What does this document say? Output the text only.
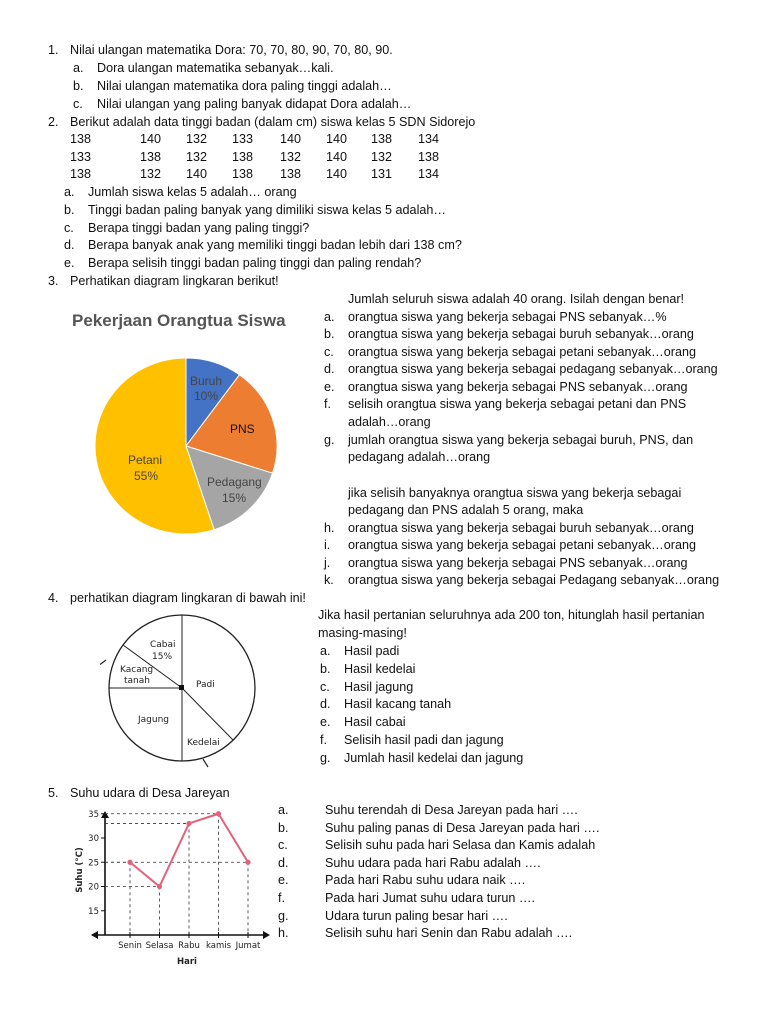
1. Nilai ulangan matematika Dora: 70, 70, 80, 90, 70, 80, 90.
a. Dora ulangan matematika sebanyak…kali.
b. Nilai ulangan matematika dora paling tinggi adalah…
c. Nilai ulangan yang paling banyak didapat Dora adalah…
2. Berikut adalah data tinggi badan (dalam cm) siswa kelas 5 SDN Sidorejo
138	140 132 133 140 140 138 134
133	138 132 138 132 140 132 138
138	132 140 138 138 140 131 134
a. Jumlah siswa kelas 5 adalah… orang
b. Tinggi badan paling banyak yang dimiliki siswa kelas 5 adalah…
c. Berapa tinggi badan yang paling tinggi?
d. Berapa banyak anak yang memiliki tinggi badan lebih dari 138 cm?
e. Berapa selisih tinggi badan paling tinggi dan paling rendah?
3. Perhatikan diagram lingkaran berikut!
Pekerjaan Orangtua Siswa
Buruh
10%
PNS
Pedagang
15%
Petani
55%
Jumlah seluruh siswa adalah 40 orang. Isilah dengan benar!
a. orangtua siswa yang bekerja sebagai PNS sebanyak…%
b. orangtua siswa yang bekerja sebagai buruh sebanyak…orang
c. orangtua siswa yang bekerja sebagai petani sebanyak…orang
d. orangtua siswa yang bekerja sebagai pedagang sebanyak…orang
e. orangtua siswa yang bekerja sebagai PNS sebanyak…orang
f. selisih orangtua siswa yang bekerja sebagai petani dan PNS
adalah…orang
g. jumlah orangtua siswa yang bekerja sebagai buruh, PNS, dan
pedagang adalah…orang
jika selisih banyaknya orangtua siswa yang bekerja sebagai
pedagang dan PNS adalah 5 orang, maka
h. orangtua siswa yang bekerja sebagai buruh sebanyak…orang
i. orangtua siswa yang bekerja sebagai petani sebanyak…orang
j. orangtua siswa yang bekerja sebagai PNS sebanyak…orang
k. orangtua siswa yang bekerja sebagai Pedagang sebanyak…orang
4. perhatikan diagram lingkaran di bawah ini!
Cabai
15%
Kacang
tanah	Padi
Jagung
Kedelai
Jika hasil pertanian seluruhnya ada 200 ton, hitunglah hasil pertanian
masing-masing!
a. Hasil padi
b. Hasil kedelai
c. Hasil jagung
d. Hasil kacang tanah
e. Hasil cabai
f. Selisih hasil padi dan jagung
g. Jumlah hasil kedelai dan jagung
5. Suhu udara di Desa Jareyan
15
20
25
30
35
Senin Selasa Rabu kamis Jumat
Suhu (°C)
Hari
a.	Suhu terendah di Desa Jareyan pada hari ….
b.	Suhu paling panas di Desa Jareyan pada hari ….
c.	Selisih suhu pada hari Selasa dan Kamis adalah
d.	Suhu udara pada hari Rabu adalah ….
e.	Pada hari Rabu suhu udara naik ….
f.	Pada hari Jumat suhu udara turun ….
g.	Udara turun paling besar hari ….
h.	Selisih suhu hari Senin dan Rabu adalah ….
